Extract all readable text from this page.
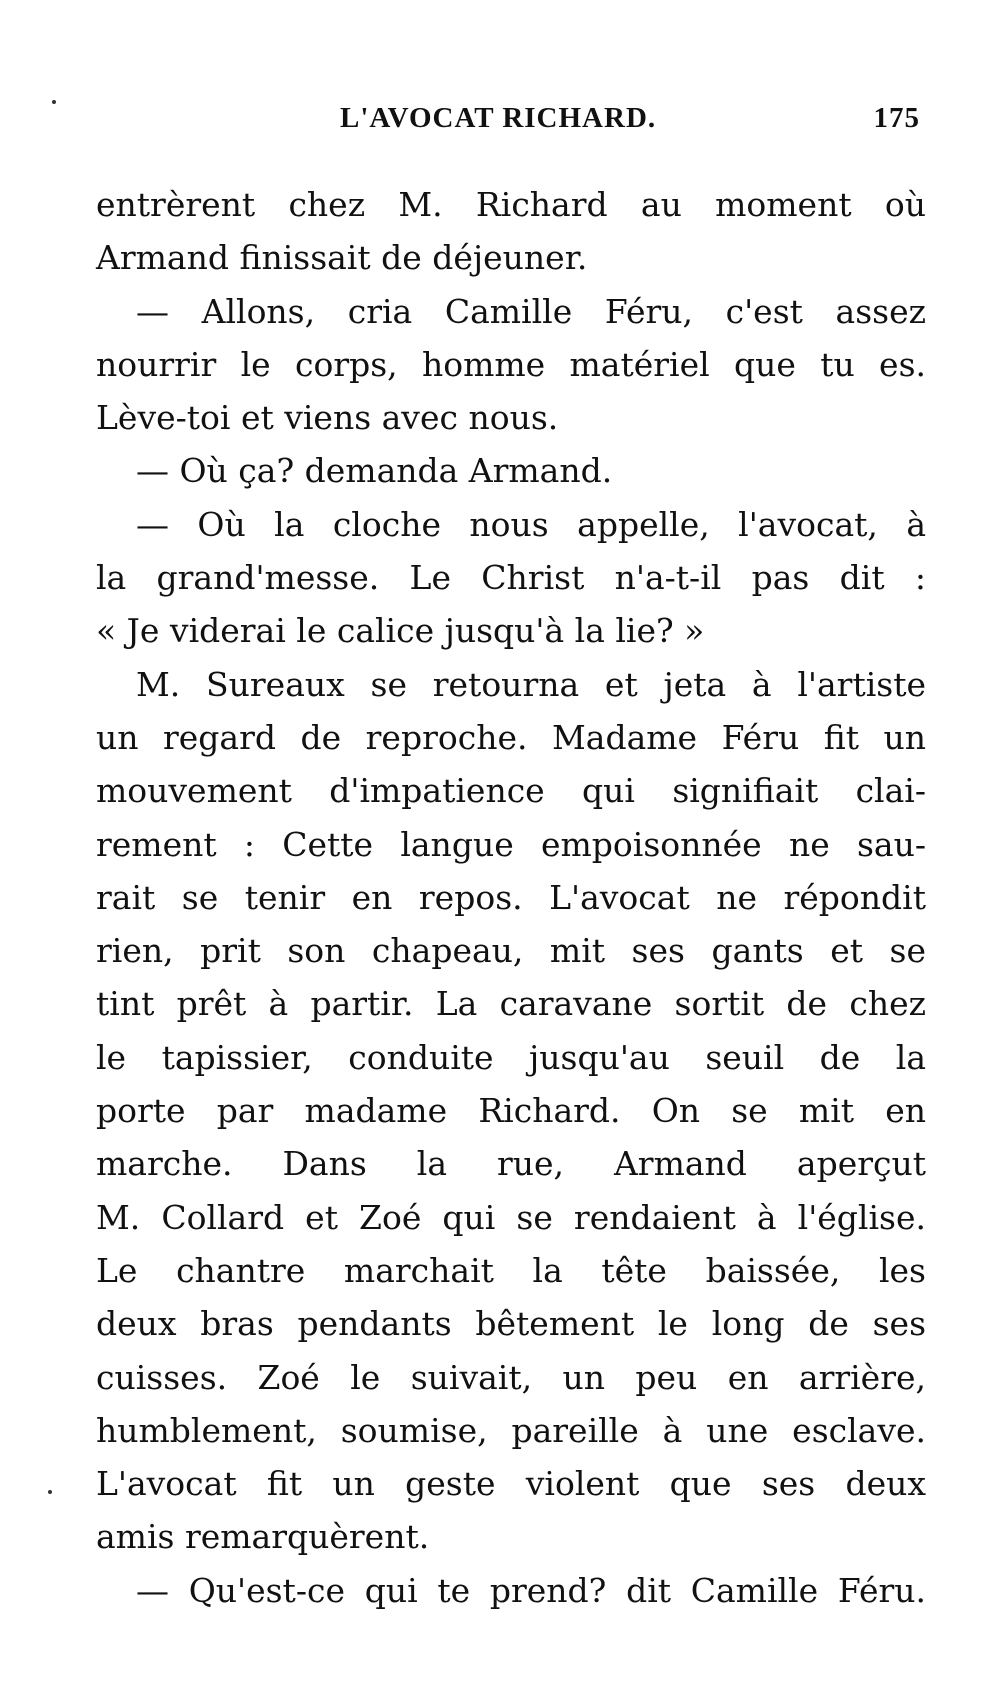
L'AVOCAT RICHARD.	175
entrèrent chez M. Richard au moment où
Armand finissait de déjeuner.
— Allons, cria Camille Féru, c'est assez
nourrir le corps, homme matériel que tu es.
Lève-toi et viens avec nous.
— Où ça? demanda Armand.
— Où la cloche nous appelle, l'avocat, à
la grand'messe. Le Christ n'a-t-il pas dit :
« Je viderai le calice jusqu'à la lie? »
M. Sureaux se retourna et jeta à l'artiste
un regard de reproche. Madame Féru fit un
mouvement d'impatience qui signifiait clai-
rement : Cette langue empoisonnée ne sau-
rait se tenir en repos. L'avocat ne répondit
rien, prit son chapeau, mit ses gants et se
tint prêt à partir. La caravane sortit de chez
le tapissier, conduite jusqu'au seuil de la
porte par madame Richard. On se mit en
marche. Dans la rue, Armand aperçut
M. Collard et Zoé qui se rendaient à l'église.
Le chantre marchait la tête baissée, les
deux bras pendants bêtement le long de ses
cuisses. Zoé le suivait, un peu en arrière,
humblement, soumise, pareille à une esclave.
L'avocat fit un geste violent que ses deux
amis remarquèrent.
— Qu'est-ce qui te prend? dit Camille Féru.
